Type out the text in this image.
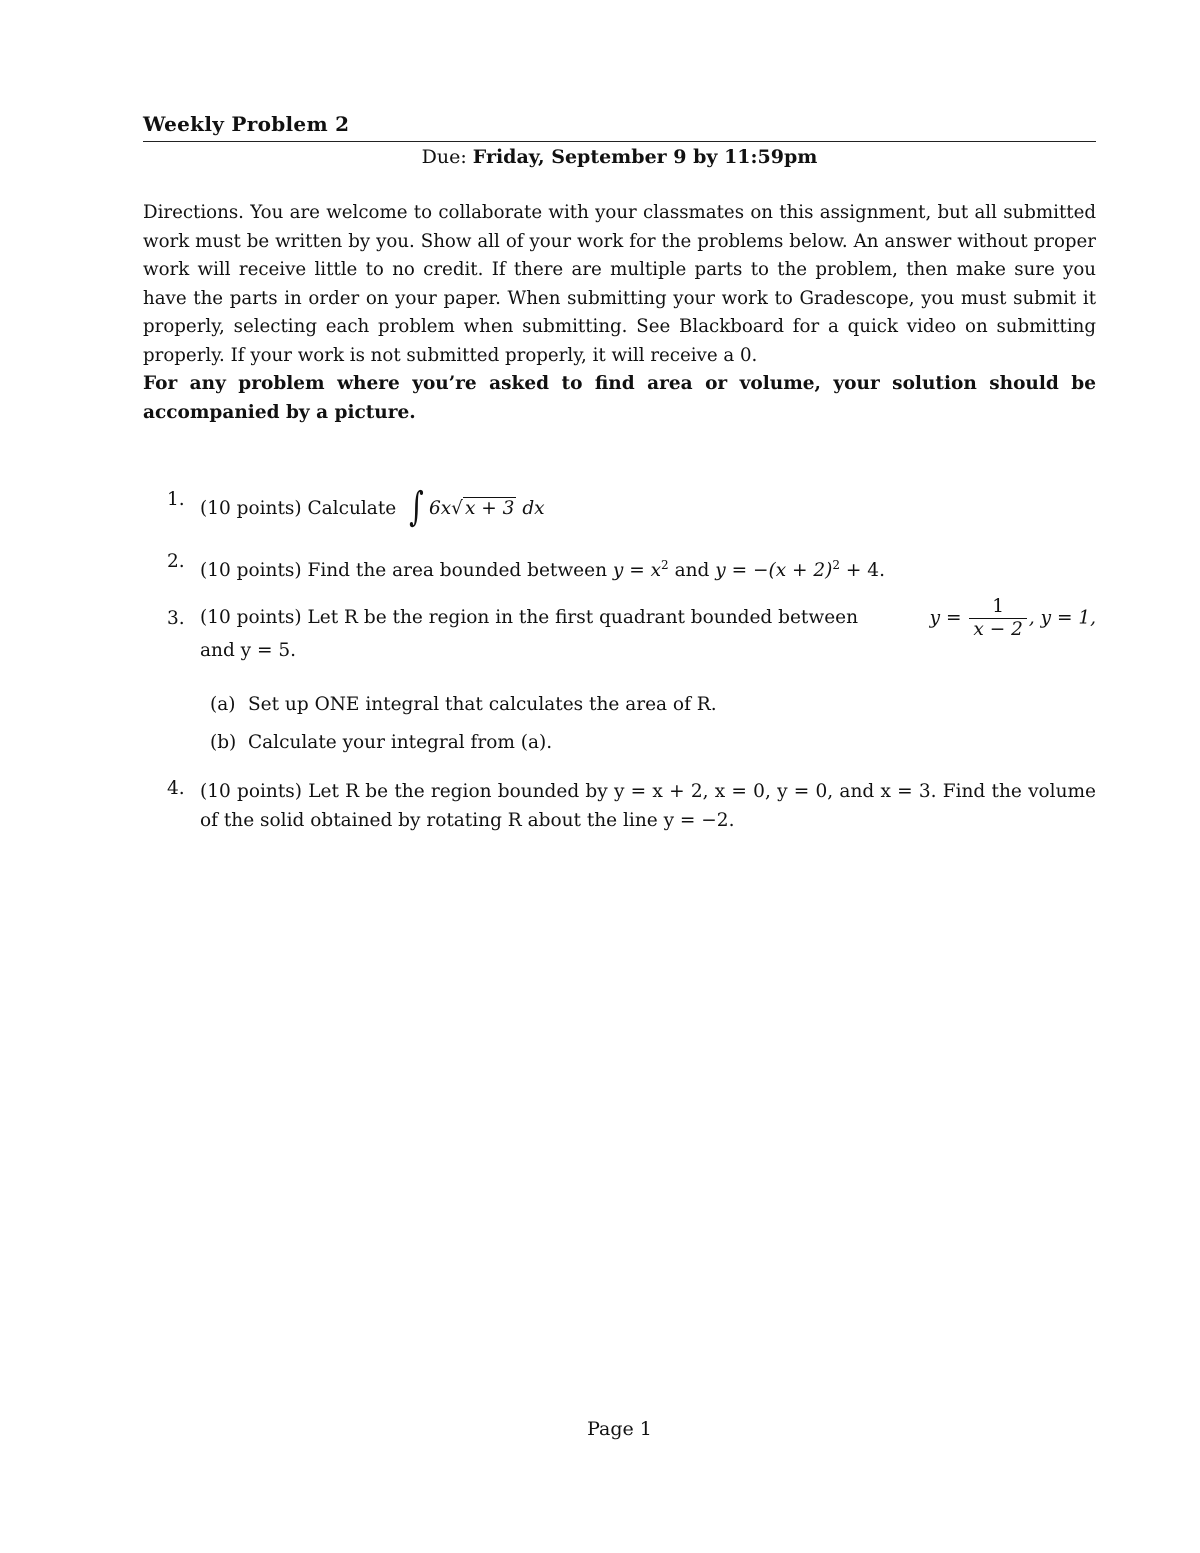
Weekly Problem 2
Due: Friday, September 9 by 11:59pm
Directions. You are welcome to collaborate with your classmates on this assignment, but all submitted work must be written by you. Show all of your work for the problems below. An answer without proper work will receive little to no credit. If there are multiple parts to the problem, then make sure you have the parts in order on your paper. When submitting your work to Gradescope, you must submit it properly, selecting each problem when submitting. See Blackboard for a quick video on submitting properly. If your work is not submitted properly, it will receive a 0.
For any problem where you’re asked to find area or volume, your solution should be accompanied by a picture.
1. (10 points) Calculate ∫ 6x√ x + 3 dx
2. (10 points) Find the area bounded between $y = x^2$ and $y = -(x + 2)^2 + 4$.
3. (10 points) Let R be the region in the first quadrant bounded between	$y = \frac{1}{x - 2}$ , y = 1,
and y = 5.
(a) Set up ONE integral that calculates the area of R.
(b) Calculate your integral from (a).
4. (10 points) Let R be the region bounded by y = x + 2, x = 0, y = 0, and x = 3. Find the volume of the solid obtained by rotating R about the line y = −2.
Page 1
